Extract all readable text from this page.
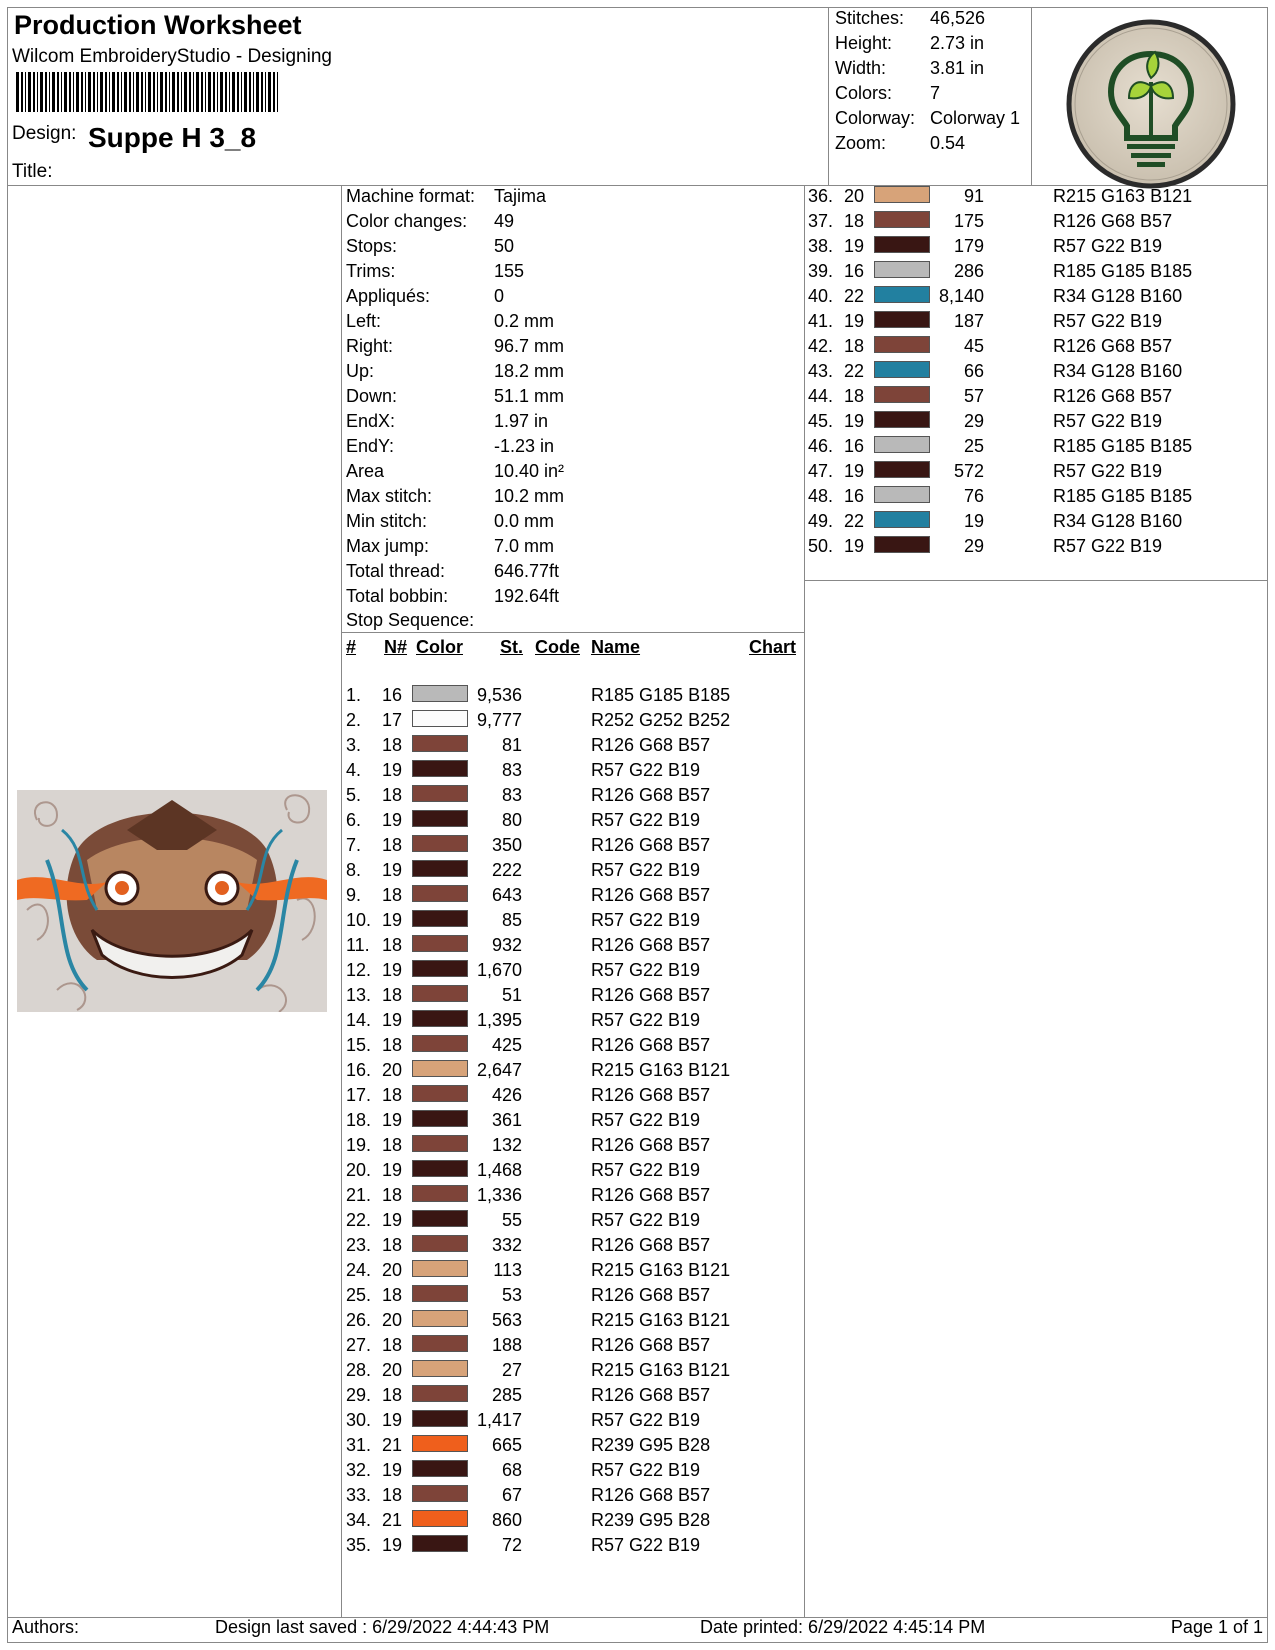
Production Worksheet
Wilcom EmbroideryStudio - Designing
Design: Suppe H 3_8
Title:
Stitches: 46,526
Height: 2.73 in
Width: 3.81 in
Colors: 7
Colorway: Colorway 1
Zoom: 0.54
Machine format: Tajima
Color changes: 49
Stops:	50
Trims:	155
Appliqués:	0
Left:	0.2 mm
Right:	96.7 mm
Up:	18.2 mm
Down:	51.1 mm
EndX:	1.97 in
EndY:	-1.23 in
Area	10.40 in²
Max stitch:	10.2 mm
Min stitch:	0.0 mm
Max jump:	7.0 mm
Total thread:	646.77ft
Total bobbin:	192.64ft
Stop Sequence:
# N# Color St. Code Name	Chart
1. 16	9,536	R185 G185 B185
2. 17	9,777	R252 G252 B252
3. 18	81	R126 G68 B57
4. 19	83	R57 G22 B19
5. 18	83	R126 G68 B57
6. 19	80	R57 G22 B19
7. 18	350	R126 G68 B57
8. 19	222	R57 G22 B19
9. 18	643	R126 G68 B57
10. 19	85	R57 G22 B19
11. 18	932	R126 G68 B57
12. 19	1,670	R57 G22 B19
13. 18	51	R126 G68 B57
14. 19	1,395	R57 G22 B19
15. 18	425	R126 G68 B57
16. 20	2,647	R215 G163 B121
17. 18	426	R126 G68 B57
18. 19	361	R57 G22 B19
19. 18	132	R126 G68 B57
20. 19	1,468	R57 G22 B19
21. 18	1,336	R126 G68 B57
22. 19	55	R57 G22 B19
23. 18	332	R126 G68 B57
24. 20	113	R215 G163 B121
25. 18	53	R126 G68 B57
26. 20	563	R215 G163 B121
27. 18	188	R126 G68 B57
28. 20	27	R215 G163 B121
29. 18	285	R126 G68 B57
30. 19	1,417	R57 G22 B19
31. 21	665	R239 G95 B28
32. 19	68	R57 G22 B19
33. 18	67	R126 G68 B57
34. 21	860	R239 G95 B28
35. 19	72	R57 G22 B19
36. 20	91	R215 G163 B121
37. 18	175	R126 G68 B57
38. 19	179	R57 G22 B19
39. 16	286	R185 G185 B185
40. 22	8,140	R34 G128 B160
41. 19	187	R57 G22 B19
42. 18	45	R126 G68 B57
43. 22	66	R34 G128 B160
44. 18	57	R126 G68 B57
45. 19	29	R57 G22 B19
46. 16	25	R185 G185 B185
47. 19	572	R57 G22 B19
48. 16	76	R185 G185 B185
49. 22	19	R34 G128 B160
50. 19	29	R57 G22 B19
Authors:	Design last saved : 6/29/2022 4:44:43 PM	Date printed: 6/29/2022 4:45:14 PM	Page 1 of 1
